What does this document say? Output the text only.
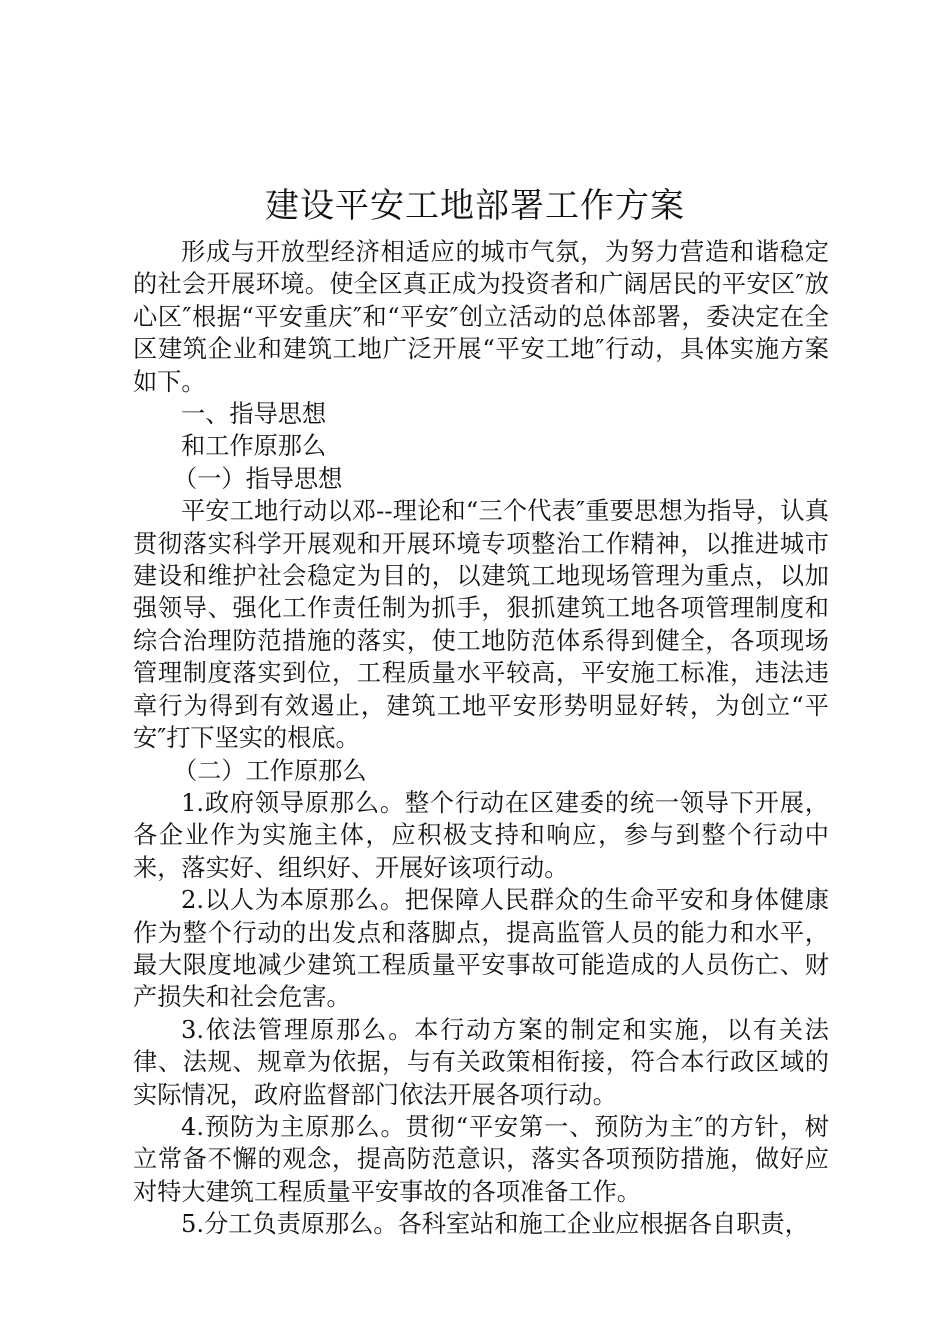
建设平安工地部署工作方案

形成与开放型经济相适应的城市气氛，为努力营造和谐稳定的社会开展环境。使全区真正成为投资者和广阔居民的平安区″放心区″根据“平安重庆″和“平安″创立活动的总体部署，委决定在全区建筑企业和建筑工地广泛开展“平安工地″行动，具体实施方案如下。

一、指导思想

和工作原那么

（一）指导思想

平安工地行动以邓--理论和“三个代表″重要思想为指导，认真贯彻落实科学开展观和开展环境专项整治工作精神，以推进城市建设和维护社会稳定为目的，以建筑工地现场管理为重点，以加强领导、强化工作责任制为抓手，狠抓建筑工地各项管理制度和综合治理防范措施的落实，使工地防范体系得到健全，各项现场管理制度落实到位，工程质量水平较高，平安施工标准，违法违章行为得到有效遏止，建筑工地平安形势明显好转，为创立“平安″打下坚实的根底。

（二）工作原那么

1.政府领导原那么。整个行动在区建委的统一领导下开展，各企业作为实施主体，应积极支持和响应，参与到整个行动中来，落实好、组织好、开展好该项行动。

2.以人为本原那么。把保障人民群众的生命平安和身体健康作为整个行动的出发点和落脚点，提高监管人员的能力和水平，最大限度地减少建筑工程质量平安事故可能造成的人员伤亡、财产损失和社会危害。

3.依法管理原那么。本行动方案的制定和实施，以有关法律、法规、规章为依据，与有关政策相衔接，符合本行政区域的实际情况，政府监督部门依法开展各项行动。

4.预防为主原那么。贯彻“平安第一、预防为主″的方针，树立常备不懈的观念，提高防范意识，落实各项预防措施，做好应对特大建筑工程质量平安事故的各项准备工作。

5.分工负责原那么。各科室站和施工企业应根据各自职责，
